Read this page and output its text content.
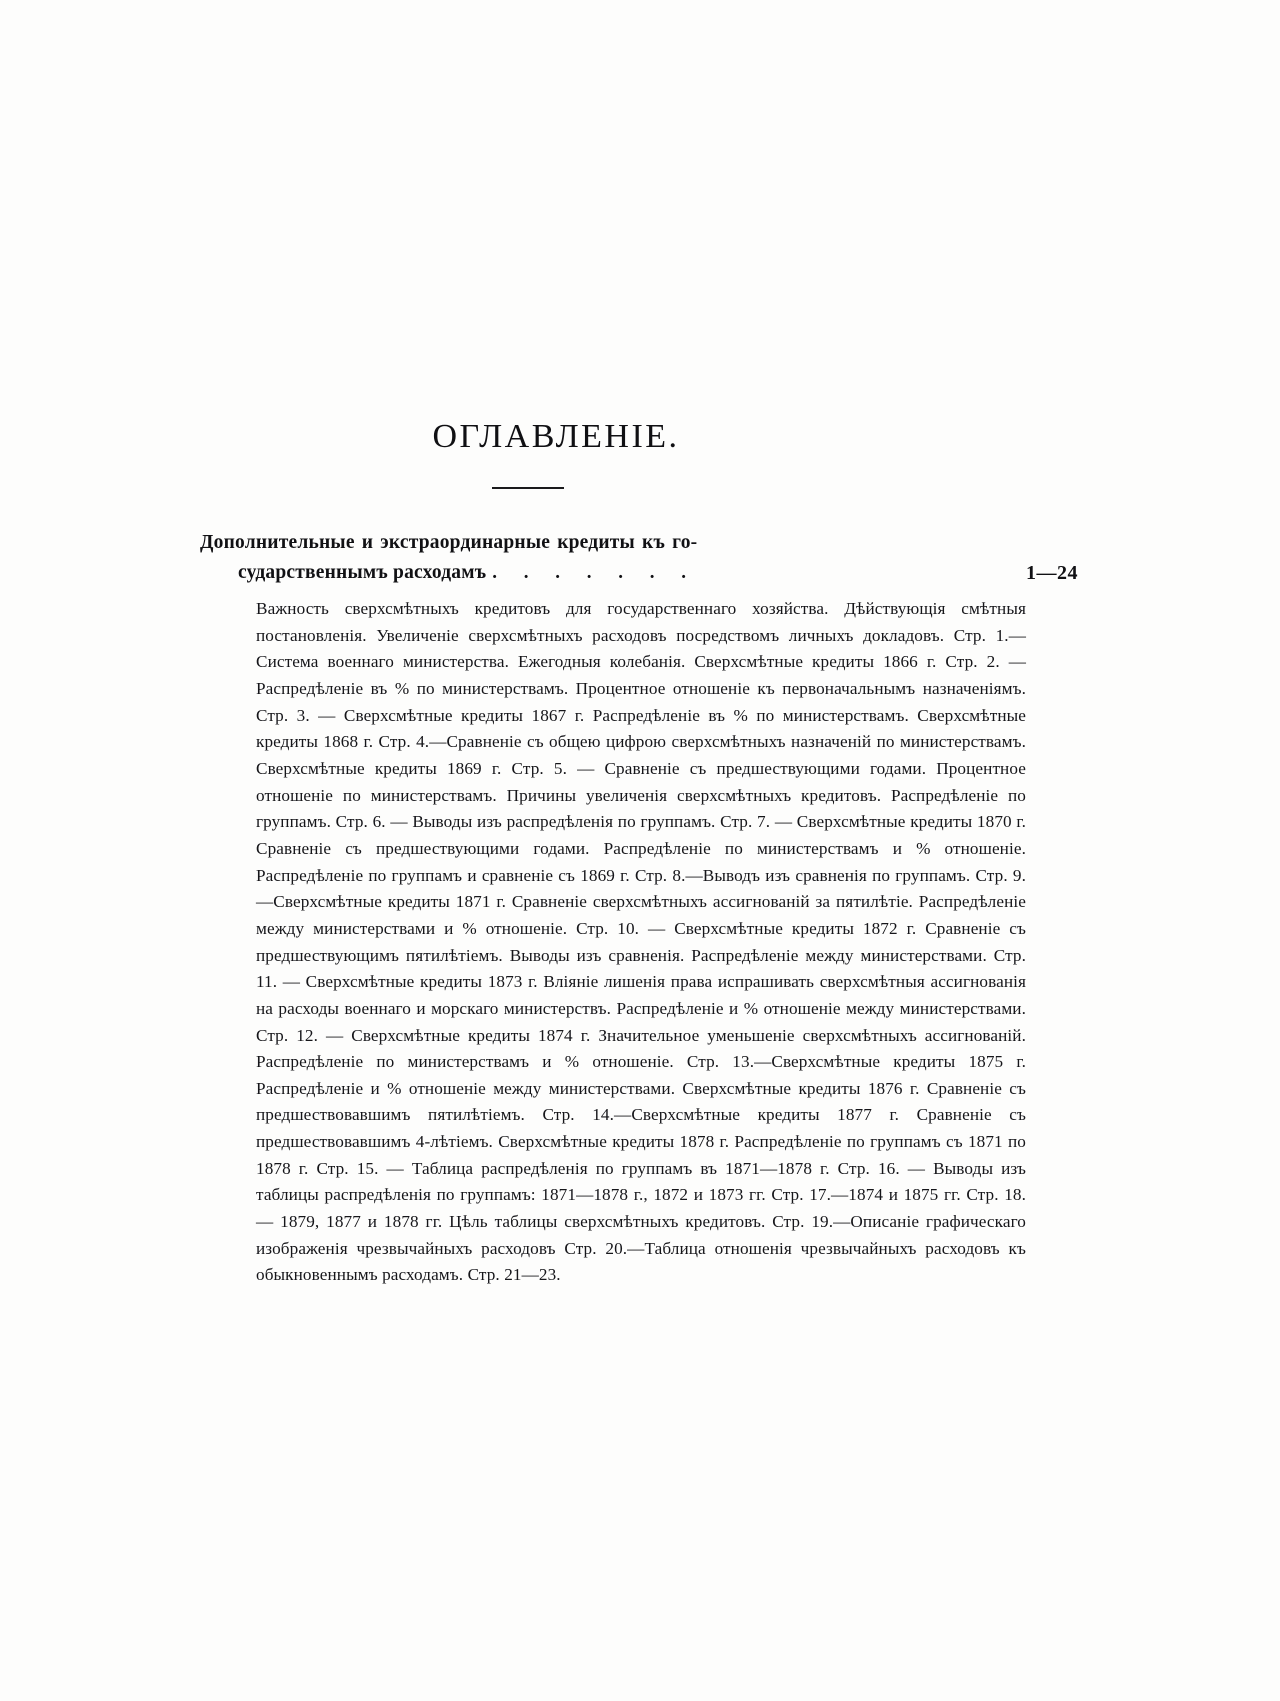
ОГЛАВЛЕНІЕ.
Дополнительные и экстраординарные кредиты къ го-
сударственнымъ расходамъ . . . . . . .	1—24

Важность сверхсмѣтныхъ кредитовъ для государственнаго хозяйства. Дѣйствующія смѣтныя постановленія. Увеличеніе сверхсмѣтныхъ расходовъ посредствомъ личныхъ докладовъ. Стр. 1.—Система военнаго министерства. Ежегодныя колебанія. Сверхсмѣтные кредиты 1866 г. Стр. 2. — Распредѣленіе въ % по министерствамъ. Процентное отношеніе къ первоначальнымъ назначеніямъ. Стр. 3. — Сверхсмѣтные кредиты 1867 г. Распредѣленіе въ % по министерствамъ. Сверхсмѣтные кредиты 1868 г. Стр. 4.—Сравненіе съ общею цифрою сверхсмѣтныхъ назначеній по министерствамъ. Сверхсмѣтные кредиты 1869 г. Стр. 5. — Сравненіе съ предшествующими годами. Процентное отношеніе по министерствамъ. Причины увеличенія сверхсмѣтныхъ кредитовъ. Распредѣленіе по группамъ. Стр. 6. — Выводы изъ распредѣленія по группамъ. Стр. 7. — Сверхсмѣтные кредиты 1870 г. Сравненіе съ предшествующими годами. Распредѣленіе по министерствамъ и % отношеніе. Распредѣленіе по группамъ и сравненіе съ 1869 г. Стр. 8.—Выводъ изъ сравненія по группамъ. Стр. 9.—Сверхсмѣтные кредиты 1871 г. Сравненіе сверхсмѣтныхъ ассигнованій за пятилѣтіе. Распредѣленіе между министерствами и % отношеніе. Стр. 10. — Сверхсмѣтные кредиты 1872 г. Сравненіе съ предшествующимъ пятилѣтіемъ. Выводы изъ сравненія. Распредѣленіе между министерствами. Стр. 11. — Сверхсмѣтные кредиты 1873 г. Вліяніе лишенія права испрашивать сверхсмѣтныя ассигнованія на расходы военнаго и морскаго министерствъ. Распредѣленіе и % отношеніе между министерствами. Стр. 12. — Сверхсмѣтные кредиты 1874 г. Значительное уменьшеніе сверхсмѣтныхъ ассигнованій. Распредѣленіе по министерствамъ и % отношеніе. Стр. 13.—Сверхсмѣтные кредиты 1875 г. Распредѣленіе и % отношеніе между министерствами. Сверхсмѣтные кредиты 1876 г. Сравненіе съ предшествовавшимъ пятилѣтіемъ. Стр. 14.—Сверхсмѣтные кредиты 1877 г. Сравненіе съ предшествовавшимъ 4-лѣтіемъ. Сверхсмѣтные кредиты 1878 г. Распредѣленіе по группамъ съ 1871 по 1878 г. Стр. 15. — Таблица распредѣленія по группамъ въ 1871—1878 г. Стр. 16. — Выводы изъ таблицы распредѣленія по группамъ: 1871—1878 г., 1872 и 1873 гг. Стр. 17.—1874 и 1875 гг. Стр. 18. — 1879, 1877 и 1878 гг. Цѣль таблицы сверхсмѣтныхъ кредитовъ. Стр. 19.—Описаніе графическаго изображенія чрезвычайныхъ расходовъ Стр. 20.—Таблица отношенія чрезвычайныхъ расходовъ къ обыкновеннымъ расходамъ. Стр. 21—23.
